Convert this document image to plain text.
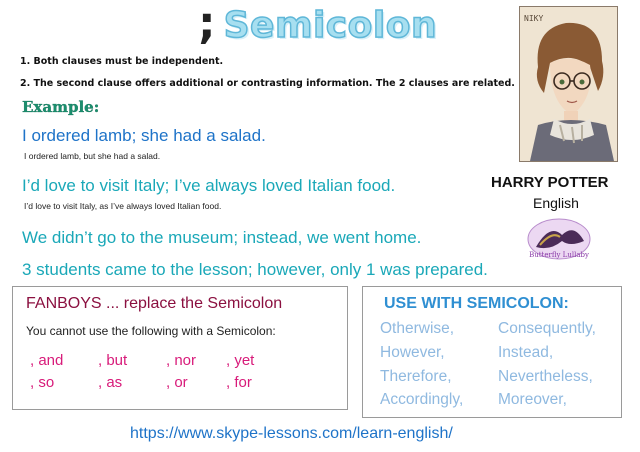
; Semicolon
1. Both clauses must be independent.
2. The second clause offers additional or contrasting information. The 2 clauses are related.
Example:
I ordered lamb; she had a salad.
I ordered lamb, but she had a salad.
I’d love to visit Italy; I’ve always loved Italian food.
I’d love to visit Italy, as I’ve always loved Italian food.
We didn’t go to the museum; instead, we went home.
3 students came to the lesson; however, only 1 was prepared.
NIKY
HARRY POTTER
English
Butterfly Lullaby
FANBOYS ... replace the Semicolon
You cannot use the following with a Semicolon:
, and , but	, nor , yet
, so	, as	, or	, for
USE WITH SEMICOLON:
Otherwise,	Consequently,
However,	Instead,
Therefore,	Nevertheless,
Accordingly, Moreover,
https://www.skype-lessons.com/learn-english/
